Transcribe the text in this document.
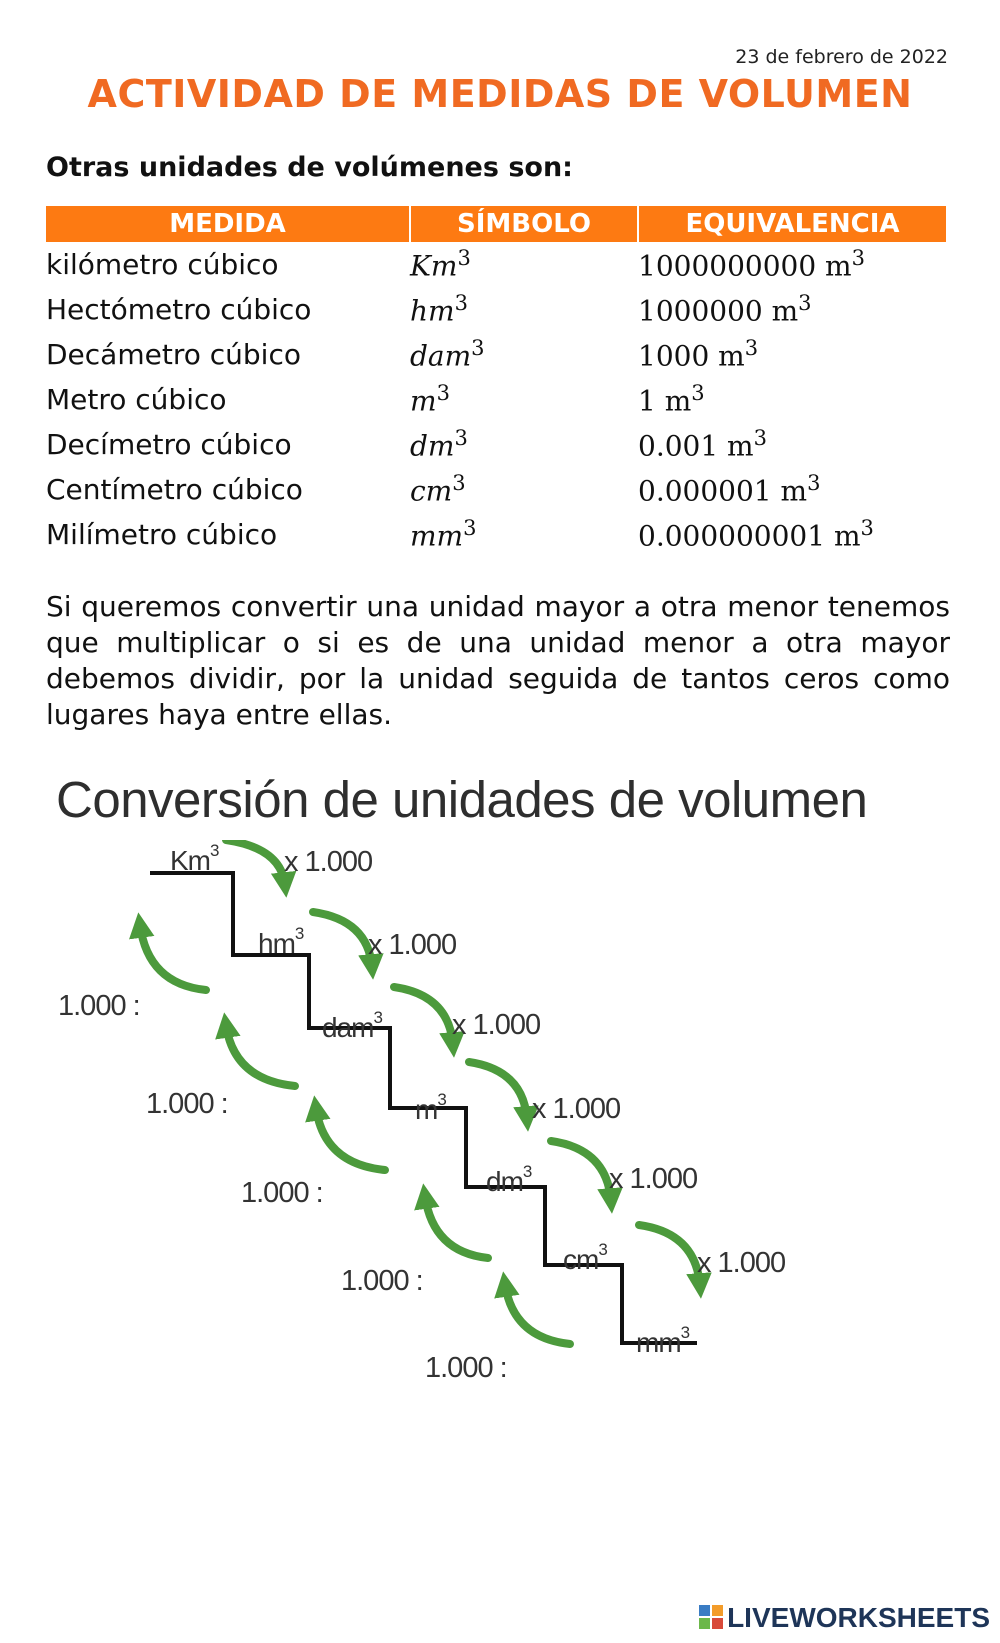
23 de febrero de 2022
ACTIVIDAD DE MEDIDAS DE VOLUMEN
Otras unidades de volúmenes son:
MEDIDA	SÍMBOLO	EQUIVALENCIA
kilómetro cúbico	Km$^3$	1000000000 $m^3$
Hectómetro cúbico	$hm^3$	1000000 $m^3$
Decámetro cúbico	dam$^3$	1000 $m^3$
Metro cúbico	$m^3$	1 $m^3$
Decímetro cúbico	$dm^3$	0.001 $m^3$
Centímetro cúbico	$cm^3$	0.000001 $m^3$
Milímetro cúbico	$mm^3$	0.000000001 $m^3$
Si queremos convertir una unidad mayor a otra menor tenemos que multiplicar o si es de una unidad menor a otra mayor debemos dividir, por la unidad seguida de tantos ceros como lugares haya entre ellas.
Conversión de unidades de volumen
Km$^3$ x 1.000
1.000 :
$hm^3$ x 1.000
1.000 :
dam$^3$ x 1.000
1.000 :
$m^3$	x 1.000
1.000 :
$dm^3$	x 1.000
1.000 :
$cm^3$	x 1.000
$mm^3$
LIVEWORKSHEETS
